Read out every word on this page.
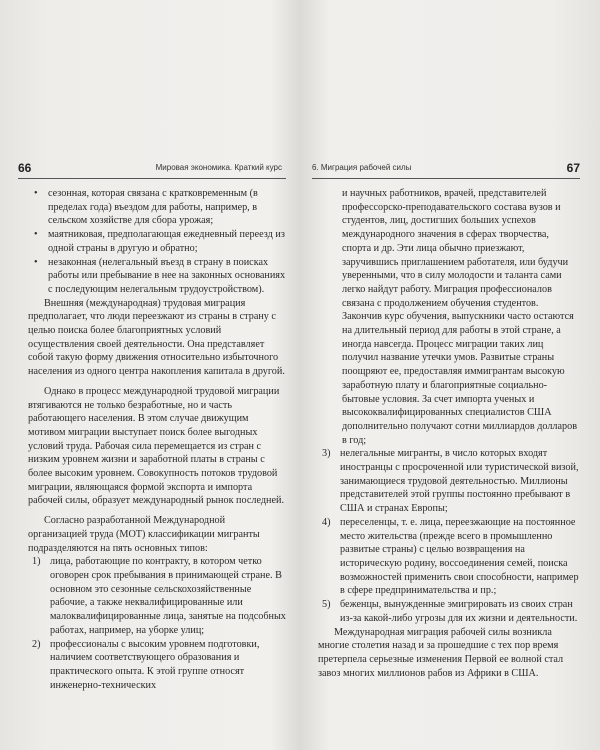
66	Мировая экономика. Краткий курс
•	сезонная, которая связана с кратковременным (в пределах года) въездом для работы, например, в сельском хозяйстве для сбора урожая;
•	маятниковая, предполагающая ежедневный переезд из одной страны в другую и обратно;
•	незаконная (нелегальный въезд в страну в поисках работы или пребывание в нее на законных основаниях с последующим нелегальным трудоустройством).

Внешняя (международная) трудовая миграция предполагает, что люди переезжают из страны в страну с целью поиска более благоприятных условий осуществления своей деятельности. Она представляет собой такую форму движения относительно избыточного населения из одного центра накопления капитала в другой.

Однако в процесс международной трудовой миграции втягиваются не только безработные, но и часть работающего населения. В этом случае движущим мотивом миграции выступает поиск более выгодных условий труда. Рабочая сила перемещается из стран с низким уровнем жизни и заработной платы в страны с более высоким уровнем. Совокупность потоков трудовой миграции, являющаяся формой экспорта и импорта рабочей силы, образует международный рынок последней.

Согласно разработанной Международной организацией труда (МОТ) классификации мигранты подразделяются на пять основных типов:

1) лица, работающие по контракту, в котором четко оговорен срок пребывания в принимающей стране. В основном это сезонные сельскохозяйственные рабочие, а также неквалифицированные или малоквалифицированные лица, занятые на подсобных работах, например, на уборке улиц;
2) профессионалы с высоким уровнем подготовки, наличием соответствующего образования и практического опыта. К этой группе относят инженерно-технических
6. Миграция рабочей силы	67

и научных работников, врачей, представителей профессорско-преподавательского состава вузов и студентов, лиц, достигших больших успехов международного значения в сферах творчества, спорта и др. Эти лица обычно приезжают, заручившись приглашением работателя, или будучи уверенными, что в силу молодости и таланта сами легко найдут работу. Миграция профессионалов связана с продолжением обучения студентов. Закончив курс обучения, выпускники часто остаются на длительный период для работы в этой стране, а иногда навсегда. Процесс миграции таких лиц получил название утечки умов. Развитые страны поощряют ее, предоставляя иммигрантам высокую заработную плату и благоприятные социально-бытовые условия. За счет импорта ученых и высококвалифицированных специалистов США дополнительно получают сотни миллиардов долларов в год;

3) нелегальные мигранты, в число которых входят иностранцы с просроченной или туристической визой, занимающиеся трудовой деятельностью. Миллионы представителей этой группы постоянно пребывают в США и странах Европы;
4) переселенцы, т. е. лица, переезжающие на постоянное место жительства (прежде всего в промышленно развитые страны) с целью возвращения на историческую родину, воссоединения семей, поиска возможностей применить свои способности, например в сфере предпринимательства и пр.;
5) беженцы, вынужденные эмигрировать из своих стран из-за какой-либо угрозы для их жизни и деятельности.

Международная миграция рабочей силы возникла многие столетия назад и за прошедшие с тех пор время претерпела серьезные изменения Первой ее волной стал завоз многих миллионов рабов из Африки в США.
